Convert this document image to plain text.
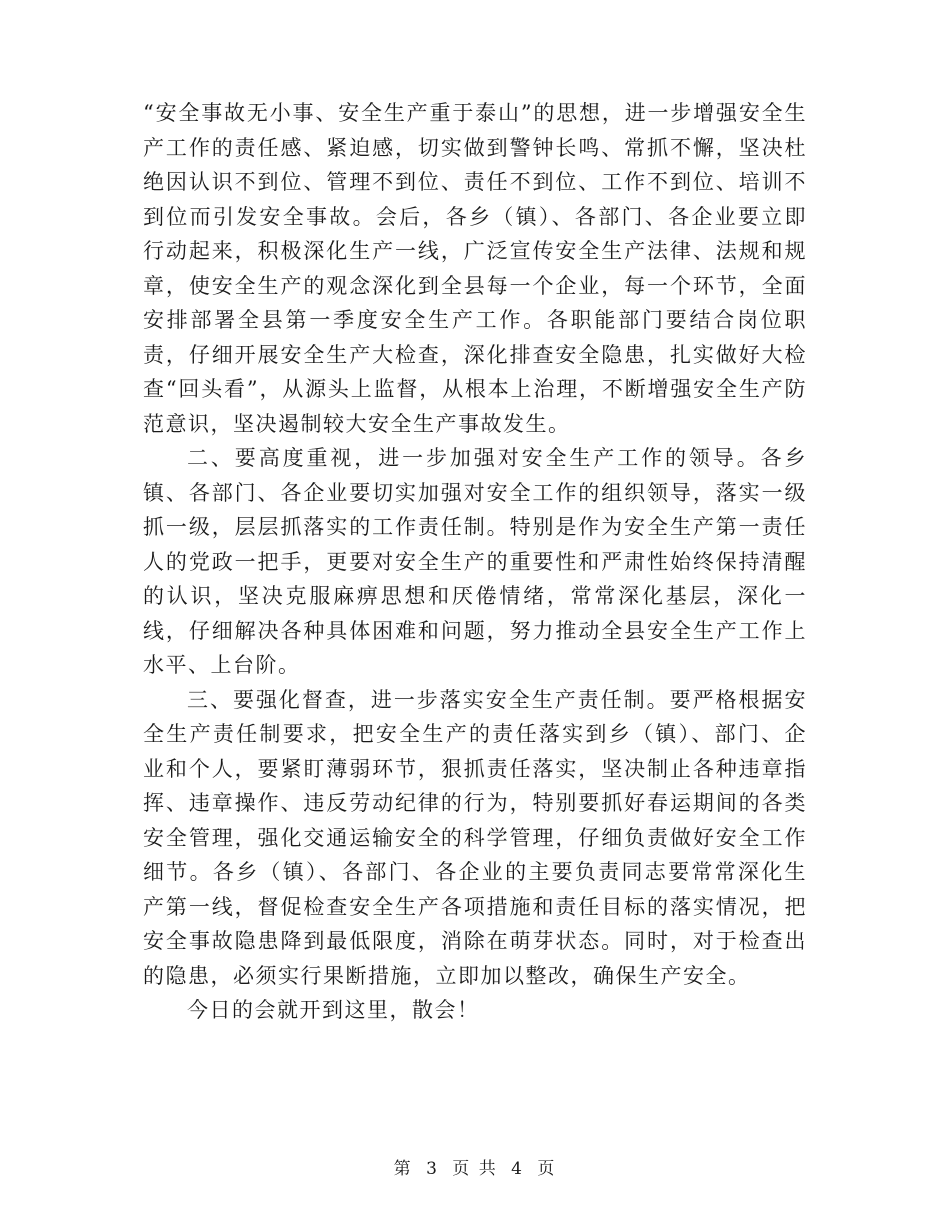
“安全事故无小事、安全生产重于泰山”的思想，进一步增强安全生产工作的责任感、紧迫感，切实做到警钟长鸣、常抓不懈，坚决杜绝因认识不到位、管理不到位、责任不到位、工作不到位、培训不到位而引发安全事故。会后，各乡（镇）、各部门、各企业要立即行动起来，积极深化生产一线，广泛宣传安全生产法律、法规和规章，使安全生产的观念深化到全县每一个企业，每一个环节，全面安排部署全县第一季度安全生产工作。各职能部门要结合岗位职责，仔细开展安全生产大检查，深化排查安全隐患，扎实做好大检查“回头看”，从源头上监督，从根本上治理，不断增强安全生产防范意识，坚决遏制较大安全生产事故发生。

二、要高度重视，进一步加强对安全生产工作的领导。各乡镇、各部门、各企业要切实加强对安全工作的组织领导，落实一级抓一级，层层抓落实的工作责任制。特别是作为安全生产第一责任人的党政一把手，更要对安全生产的重要性和严肃性始终保持清醒的认识，坚决克服麻痹思想和厌倦情绪，常常深化基层，深化一线，仔细解决各种具体困难和问题，努力推动全县安全生产工作上水平、上台阶。

三、要强化督查，进一步落实安全生产责任制。要严格根据安全生产责任制要求，把安全生产的责任落实到乡（镇）、部门、企业和个人，要紧盯薄弱环节，狠抓责任落实，坚决制止各种违章指挥、违章操作、违反劳动纪律的行为，特别要抓好春运期间的各类安全管理，强化交通运输安全的科学管理，仔细负责做好安全工作细节。各乡（镇）、各部门、各企业的主要负责同志要常常深化生产第一线，督促检查安全生产各项措施和责任目标的落实情况，把安全事故隐患降到最低限度，消除在萌芽状态。同时，对于检查出的隐患，必须实行果断措施，立即加以整改，确保生产安全。

今日的会就开到这里，散会！

第 3 页 共 4 页
